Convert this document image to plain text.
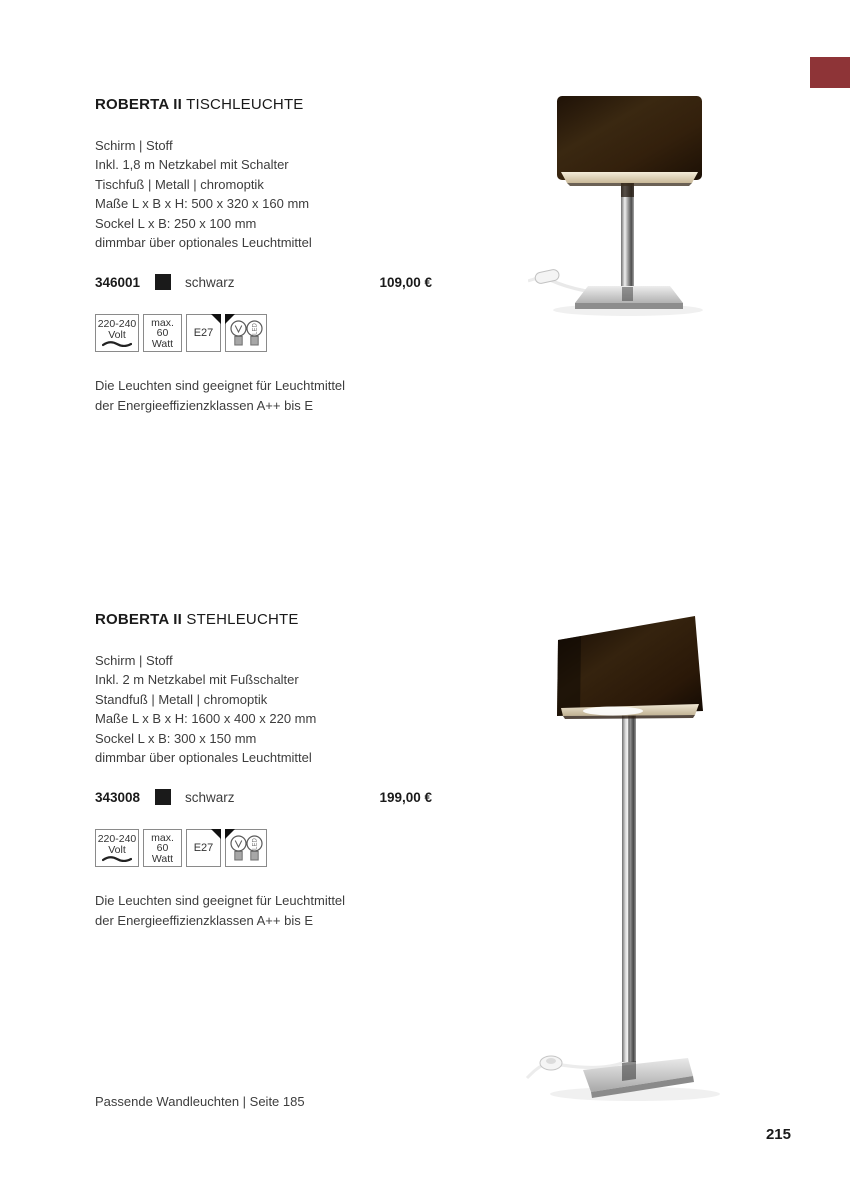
ROBERTA II TISCHLEUCHTE
Schirm | Stoff
Inkl. 1,8 m Netzkabel mit Schalter
Tischfuß | Metall | chromoptik
Maße L x B x H: 500 x 320 x 160 mm
Sockel L x B: 250 x 100 mm
dimmbar über optionales Leuchtmittel
346001	schwarz	109,00 €
220-240
Volt
max.
60
Watt
E27	LED
Die Leuchten sind geeignet für Leuchtmittel
der Energieeffizienzklassen A++ bis E
ROBERTA II STEHLEUCHTE
Schirm | Stoff
Inkl. 2 m Netzkabel mit Fußschalter
Standfuß | Metall | chromoptik
Maße L x B x H: 1600 x 400 x 220 mm
Sockel L x B: 300 x 150 mm
dimmbar über optionales Leuchtmittel
343008	schwarz	199,00 €
220-240
Volt
max.
60
Watt
E27	LED
Die Leuchten sind geeignet für Leuchtmittel
der Energieeffizienzklassen A++ bis E
Passende Wandleuchten | Seite 185
215
